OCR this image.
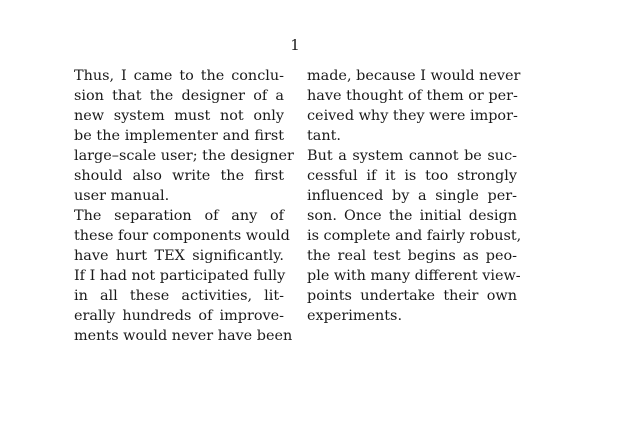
1
Thus, I came to the conclu-
sion that the designer of a
new system must not only
be the implementer and first
large–scale user; the designer
should also write the first
user manual.
The separation of any of
these four components would
have hurt TEX significantly.
If I had not participated fully
in all these activities, lit-
erally hundreds of improve-
ments would never have been
made, because I would never
have thought of them or per-
ceived why they were impor-
tant.
But a system cannot be suc-
cessful if it is too strongly
influenced by a single per-
son. Once the initial design
is complete and fairly robust,
the real test begins as peo-
ple with many different view-
points undertake their own
experiments.
